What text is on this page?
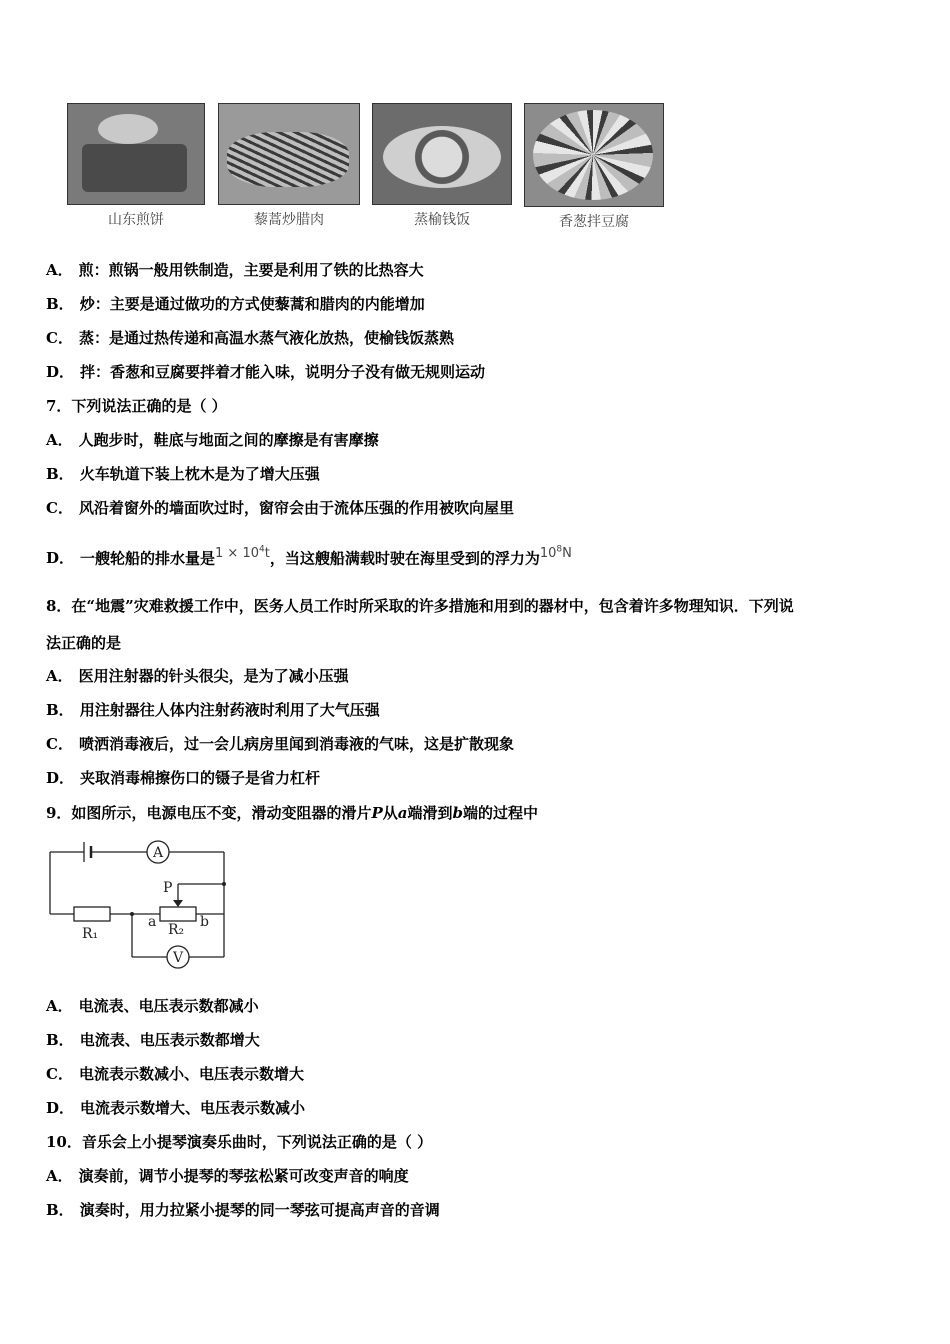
山东煎饼	藜蒿炒腊肉	蒸榆钱饭	香葱拌豆腐
A． 煎：煎锅一般用铁制造，主要是利用了铁的比热容大
B． 炒：主要是通过做功的方式使藜蒿和腊肉的内能增加
C． 蒸：是通过热传递和高温水蒸气液化放热，使榆钱饭蒸熟
D． 拌：香葱和豆腐要拌着才能入味，说明分子没有做无规则运动
7．下列说法正确的是（ ）
A． 人跑步时，鞋底与地面之间的摩擦是有害摩擦
B． 火车轨道下装上枕木是为了增大压强
C． 风沿着窗外的墙面吹过时，窗帘会由于流体压强的作用被吹向屋里
D． 一艘轮船的排水量是$1 \times 10^4t$，当这艘船满载时驶在海里受到的浮力为$10^8N$
8．在“地震”灾难救援工作中，医务人员工作时所采取的许多措施和用到的器材中，包含着许多物理知识．下列说
法正确的是
A． 医用注射器的针头很尖，是为了减小压强
B． 用注射器往人体内注射药液时利用了大气压强
C． 喷洒消毒液后，过一会儿病房里闻到消毒液的气味，这是扩散现象
D． 夹取消毒棉擦伤口的镊子是省力杠杆
9．如图所示，电源电压不变，滑动变阻器的滑片P从a端滑到b端的过程中
A
V
P
R₁	R₂
a	b
A． 电流表、电压表示数都减小
B． 电流表、电压表示数都增大
C． 电流表示数减小、电压表示数增大
D． 电流表示数增大、电压表示数减小
10．音乐会上小提琴演奏乐曲时，下列说法正确的是（ ）
A． 演奏前，调节小提琴的琴弦松紧可改变声音的响度
B． 演奏时，用力拉紧小提琴的同一琴弦可提高声音的音调
